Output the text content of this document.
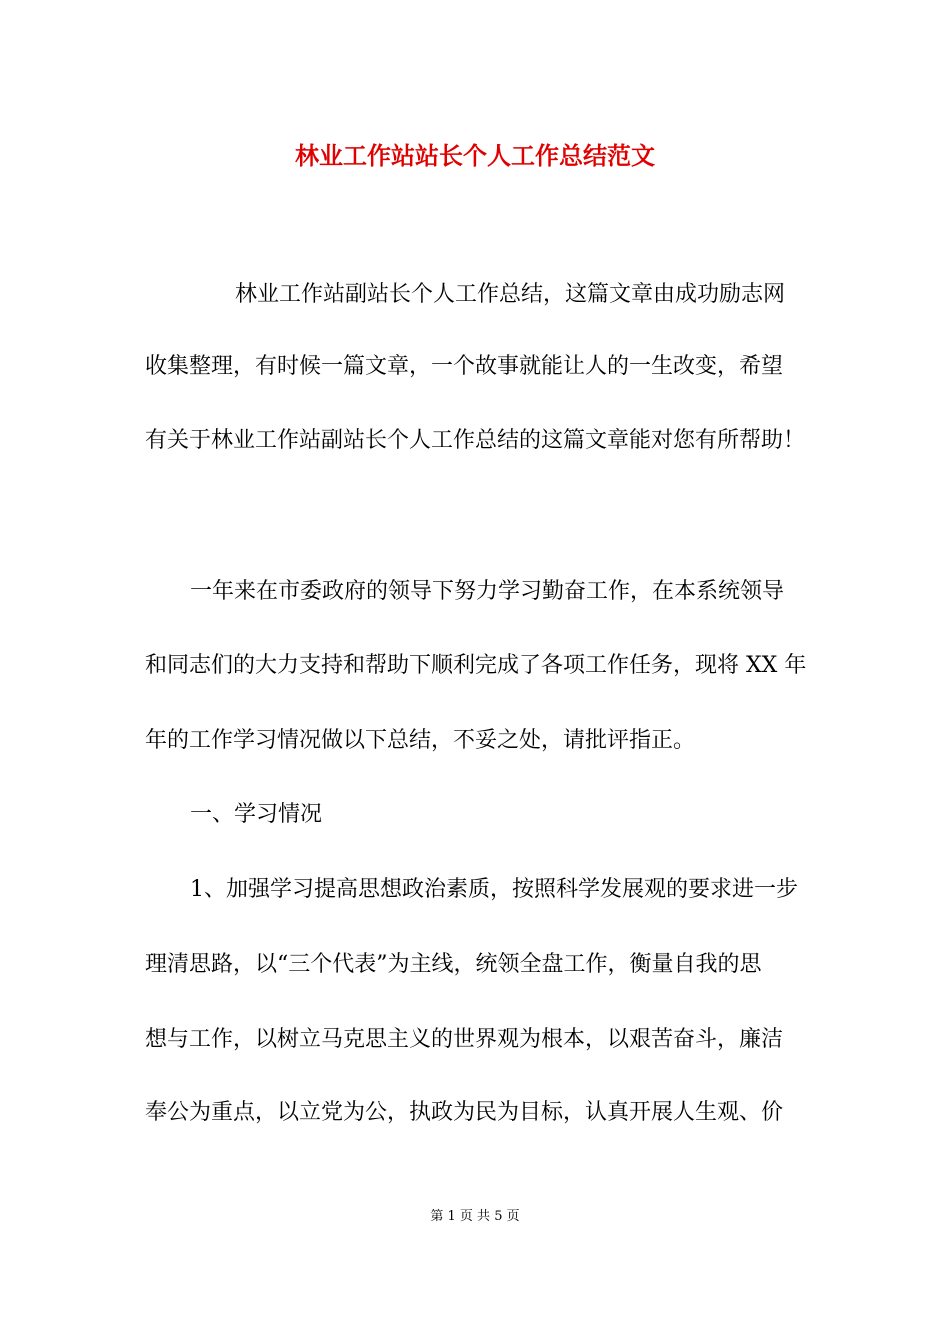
林业工作站站长个人工作总结范文
林业工作站副站长个人工作总结，这篇文章由成功励志网
收集整理，有时候一篇文章，一个故事就能让人的一生改变，希望
有关于林业工作站副站长个人工作总结的这篇文章能对您有所帮助！
一年来在市委政府的领导下努力学习勤奋工作，在本系统领导
和同志们的大力支持和帮助下顺利完成了各项工作任务，现将 XX 年
年的工作学习情况做以下总结，不妥之处，请批评指正。
一、学习情况
1、加强学习提高思想政治素质，按照科学发展观的要求进一步
理清思路，以“三个代表”为主线，统领全盘工作，衡量自我的思
想与工作，以树立马克思主义的世界观为根本，以艰苦奋斗，廉洁
奉公为重点，以立党为公，执政为民为目标，认真开展人生观、价
第 1 页 共 5 页
